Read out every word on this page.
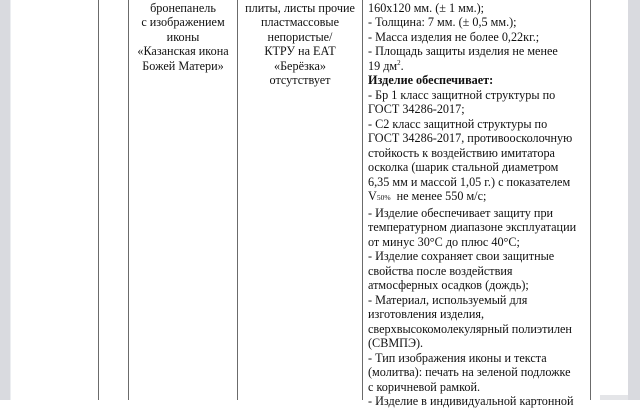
бронепанель
с изображением
иконы
«Казанская икона
Божей Матери»
плиты, листы прочие
пластмассовые
непористые/
КТРУ на ЕАТ
«Берёзка»
отсутствует
160х120 мм. (± 1 мм.);
- Толщина: 7 мм. (± 0,5 мм.);
- Масса изделия не более 0,22кг.;
- Площадь защиты изделия не менее
19 $дм^2$.
Изделие обеспечивает:
- Бр 1 класс защитной структуры по
ГОСТ 34286-2017;
- С2 класс защитной структуры по
ГОСТ 34286-2017, противоосколочную
стойкость к воздействию имитатора
осколка (шарик стальной диаметром
6,35 мм и массой 1,05 г.) с показателем
V50%  не менее 550 м/с;
- Изделие обеспечивает защиту при
температурном диапазоне эксплуатации
от минус 30°С до плюс 40°С;
- Изделие сохраняет свои защитные
свойства после воздействия
атмосферных осадков (дождь);
- Материал, используемый для
изготовления изделия,
сверхвысокомолекулярный полиэтилен
(СВМПЭ).
- Тип изображения иконы и текста
(молитва): печать на зеленой подложке
с коричневой рамкой.
- Изделие в индивидуальной картонной
